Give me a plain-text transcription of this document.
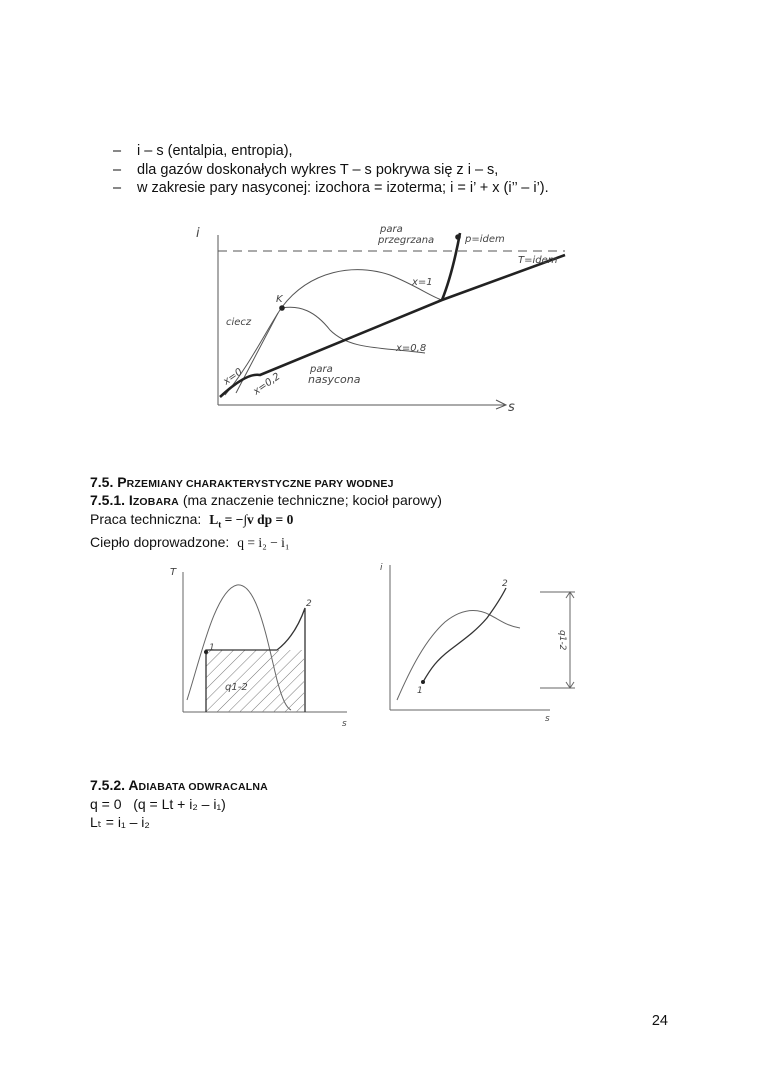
– i – s (entalpia, entropia),
– dla gazów doskonałych wykres T – s pokrywa się z i – s,
– w zakresie pary nasyconej: izochora = izoterma; i = i’ + x (i’’ – i’).
i
s
para
przegrzana	p=idem
T=idem
x=1
K
ciecz
x=0,8
x=0 x=0,2
para
nasycona
7.5. PRZEMIANY CHARAKTERYSTYCZNE PARY WODNEJ
7.5.1. IZOBARA (ma znaczenie techniczne; kocioł parowy)
Praca techniczna: $L_t = -\int v$ dp = 0
Ciepło doprowadzone: q = i₂ − i₁
T
s
1
2
q1-2
i
s
1
2
q1-2
7.5.2. ADIABATA ODWRACALNA
q = 0   (q = Lt + i₂ – i₁)
Lₜ = i₁ – i₂
24
